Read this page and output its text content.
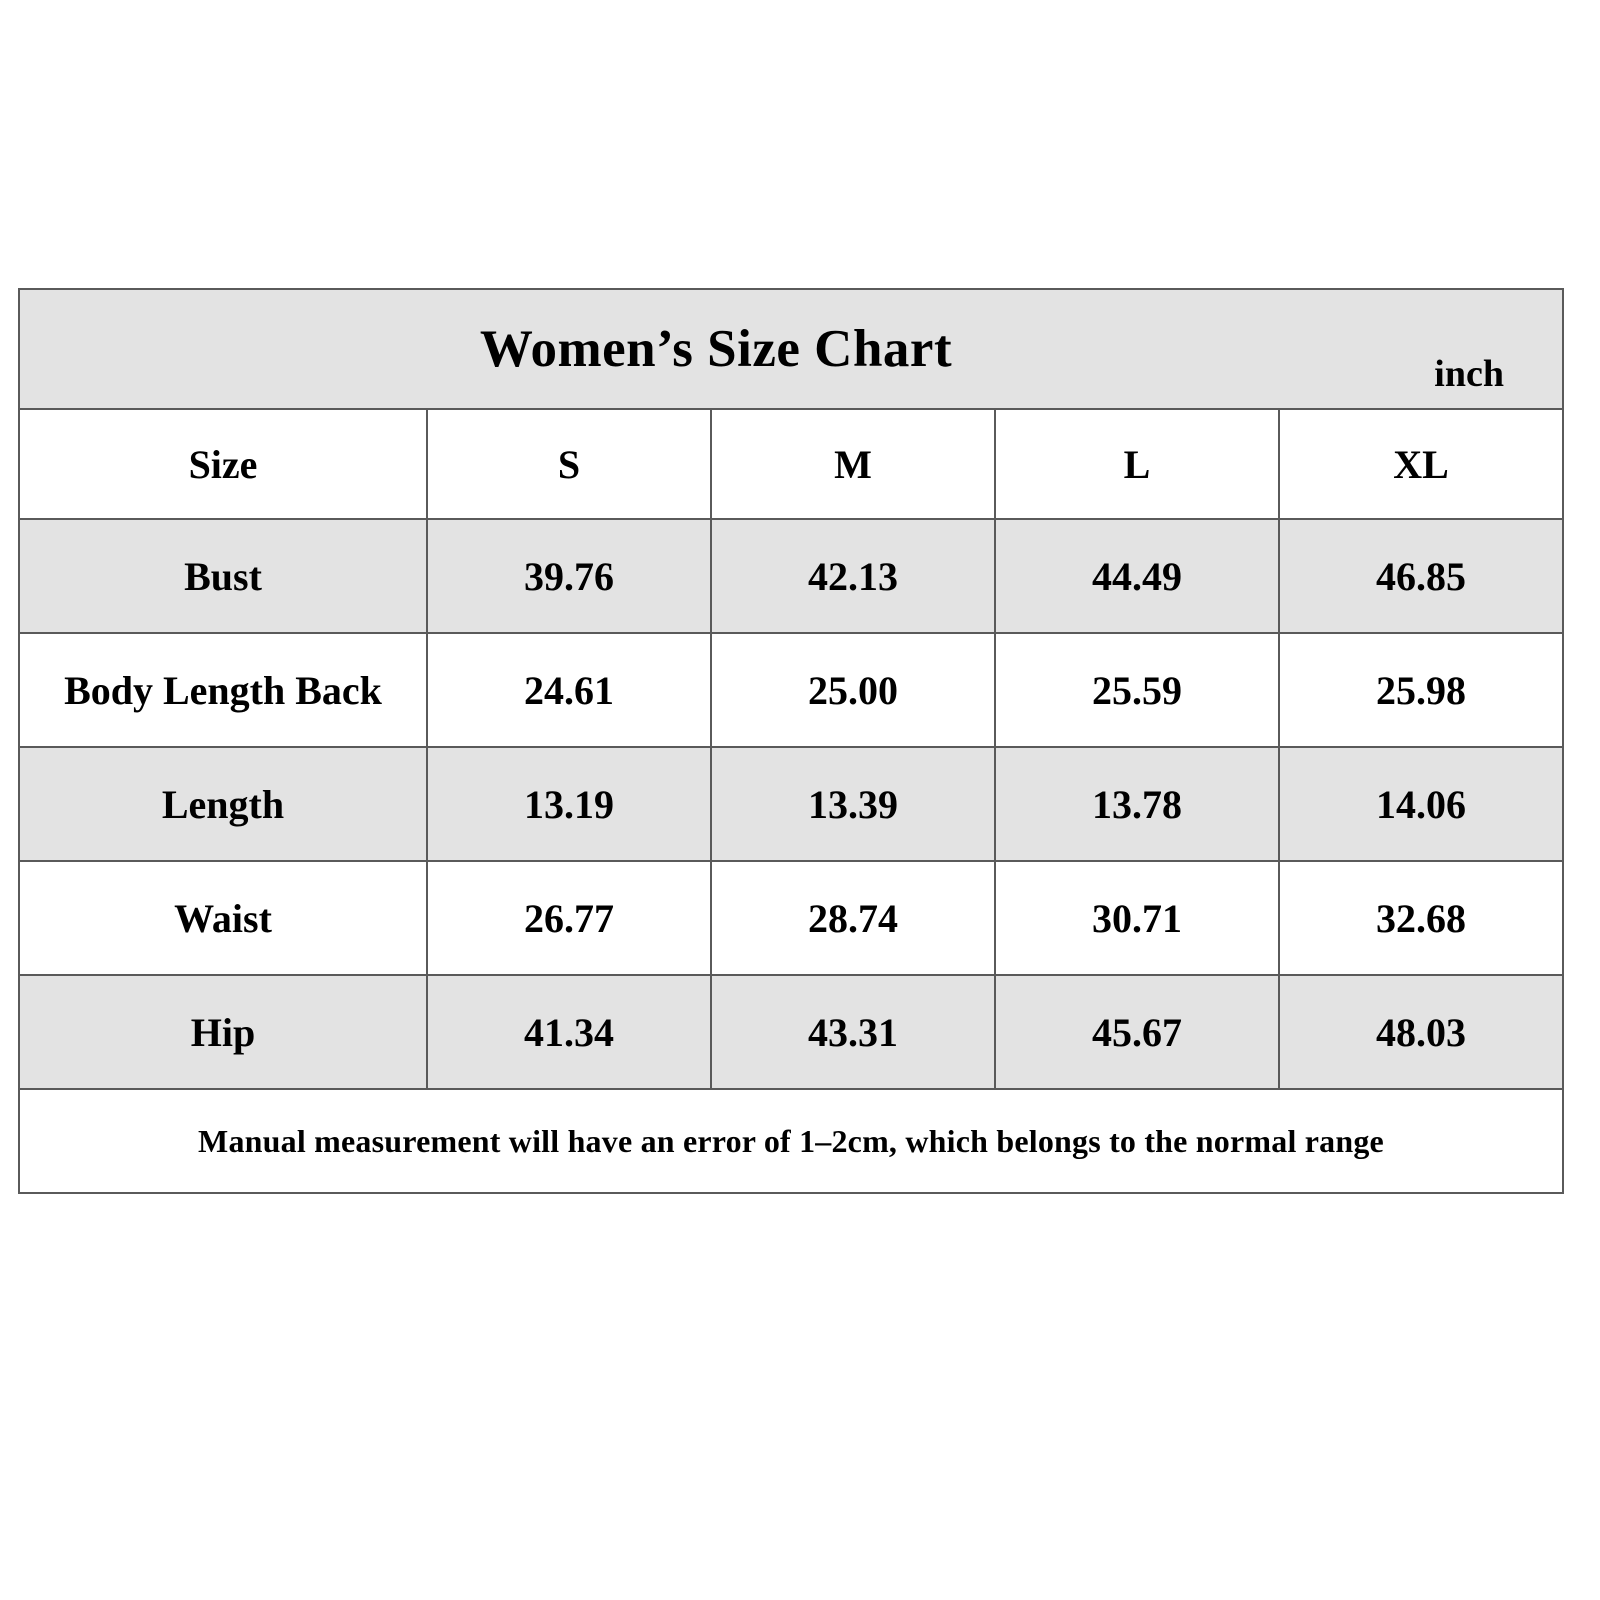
Women’s Size Chart inch				

Size	S	M	L	XL
Bust	39.76	42.13	44.49	46.85
Body Length Back	24.61	25.00	25.59	25.98
Length	13.19	13.39	13.78	14.06
Waist	26.77	28.74	30.71	32.68
Hip	41.34	43.31	45.67	48.03
Manual measurement will have an error of 1–2cm, which belongs to the normal range				
